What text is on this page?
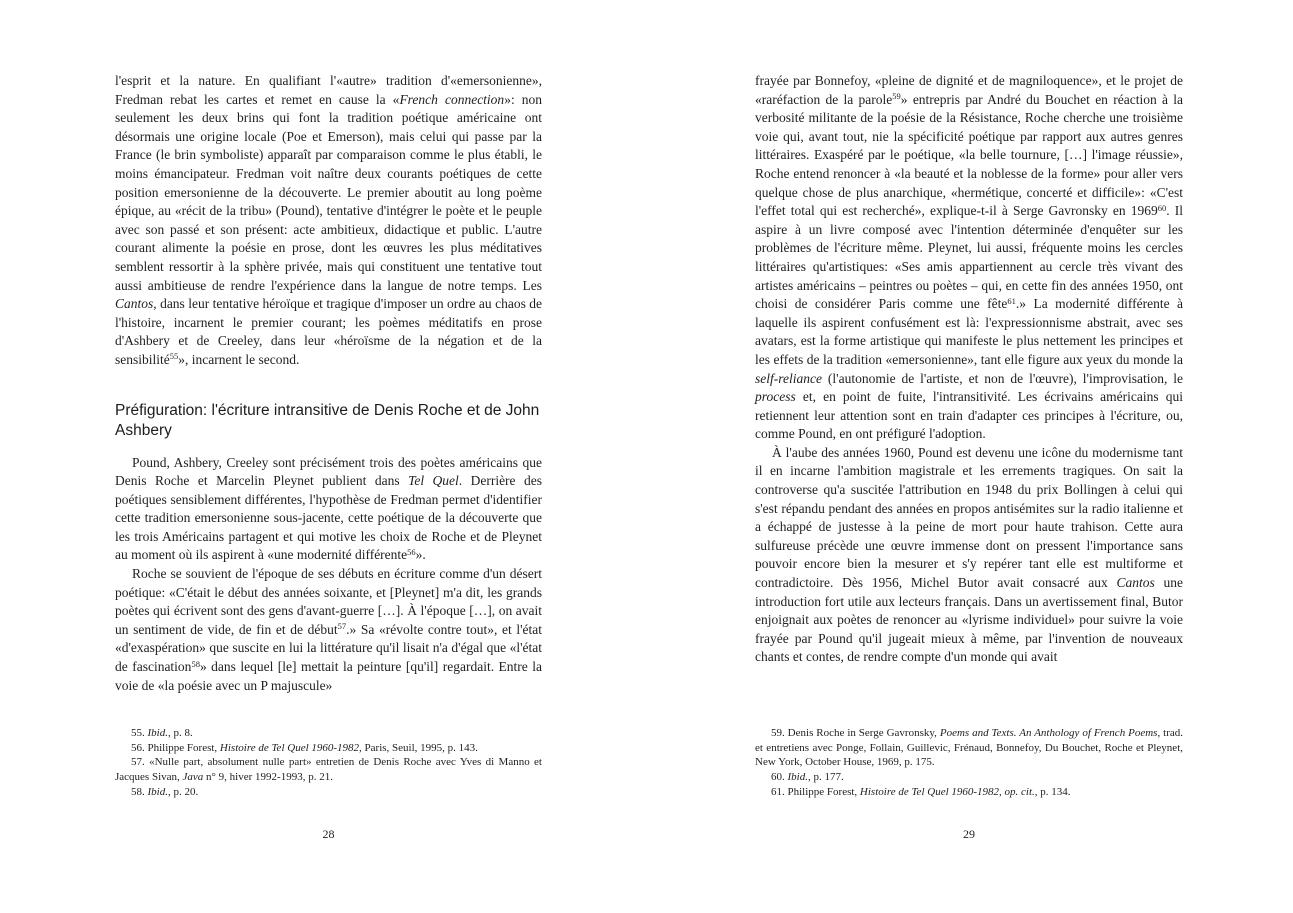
l'esprit et la nature. En qualifiant l'«autre» tradition d'«emersonienne», Fredman rebat les cartes et remet en cause la «French connection»: non seulement les deux brins qui font la tradition poétique américaine ont désormais une origine locale (Poe et Emerson), mais celui qui passe par la France (le brin symboliste) apparaît par comparaison comme le plus établi, le moins émancipateur. Fredman voit naître deux courants poétiques de cette position emersonienne de la découverte. Le premier aboutit au long poème épique, au «récit de la tribu» (Pound), tentative d'intégrer le poète et le peuple avec son passé et son présent: acte ambitieux, didactique et public. L'autre courant alimente la poésie en prose, dont les œuvres les plus méditatives semblent ressortir à la sphère privée, mais qui constituent une tentative tout aussi ambitieuse de rendre l'expérience dans la langue de notre temps. Les Cantos, dans leur tentative héroïque et tragique d'imposer un ordre au chaos de l'histoire, incarnent le premier courant; les poèmes méditatifs en prose d'Ashbery et de Creeley, dans leur «héroïsme de la négation et de la sensibilité$^{55}$», incarnent le second.

Préfiguration: l'écriture intransitive de Denis Roche et de John Ashbery

Pound, Ashbery, Creeley sont précisément trois des poètes américains que Denis Roche et Marcelin Pleynet publient dans Tel Quel. Derrière des poétiques sensiblement différentes, l'hypothèse de Fredman permet d'identifier cette tradition emersonienne sous-jacente, cette poétique de la découverte que les trois Américains partagent et qui motive les choix de Roche et de Pleynet au moment où ils aspirent à «une modernité différente$^{56}$».

Roche se souvient de l'époque de ses débuts en écriture comme d'un désert poétique: «C'était le début des années soixante, et [Pleynet] m'a dit, les grands poètes qui écrivent sont des gens d'avant-guerre […]. À l'époque […], on avait un sentiment de vide, de fin et de début$^{57}$.» Sa «révolte contre tout», et l'état «d'exaspération» que suscite en lui la littérature qu'il lisait n'a d'égal que «l'état de fascination$^{58}$» dans lequel [le] mettait la peinture [qu'il] regardait. Entre la voie de «la poésie avec un P majuscule»

55. Ibid., p. 8.

56. Philippe Forest, Histoire de Tel Quel 1960-1982, Paris, Seuil, 1995, p. 143.

57. «Nulle part, absolument nulle part» entretien de Denis Roche avec Yves di Manno et Jacques Sivan, Java n° 9, hiver 1992-1993, p. 21.

58. Ibid., p. 20.

28

frayée par Bonnefoy, «pleine de dignité et de magniloquence», et le projet de «raréfaction de la parole$^{59}$» entrepris par André du Bouchet en réaction à la verbosité militante de la poésie de la Résistance, Roche cherche une troisième voie qui, avant tout, nie la spécificité poétique par rapport aux autres genres littéraires. Exaspéré par le poétique, «la belle tournure, […] l'image réussie», Roche entend renoncer à «la beauté et la noblesse de la forme» pour aller vers quelque chose de plus anarchique, «hermétique, concerté et difficile»: «C'est l'effet total qui est recherché», explique-t-il à Serge Gavronsky en 1969$^{60}$. Il aspire à un livre composé avec l'intention déterminée d'enquêter sur les problèmes de l'écriture même. Pleynet, lui aussi, fréquente moins les cercles littéraires qu'artistiques: «Ses amis appartiennent au cercle très vivant des artistes américains – peintres ou poètes – qui, en cette fin des années 1950, ont choisi de considérer Paris comme une fête$^{61}$.» La modernité différente à laquelle ils aspirent confusément est là: l'expressionnisme abstrait, avec ses avatars, est la forme artistique qui manifeste le plus nettement les principes et les effets de la tradition «emersonienne», tant elle figure aux yeux du monde la self-reliance (l'autonomie de l'artiste, et non de l'œuvre), l'improvisation, le process et, en point de fuite, l'intransitivité. Les écrivains américains qui retiennent leur attention sont en train d'adapter ces principes à l'écriture, ou, comme Pound, en ont préfiguré l'adoption.

À l'aube des années 1960, Pound est devenu une icône du modernisme tant il en incarne l'ambition magistrale et les errements tragiques. On sait la controverse qu'a suscitée l'attribution en 1948 du prix Bollingen à celui qui s'est répandu pendant des années en propos antisémites sur la radio italienne et a échappé de justesse à la peine de mort pour haute trahison. Cette aura sulfureuse précède une œuvre immense dont on pressent l'importance sans pouvoir encore bien la mesurer et s'y repérer tant elle est multiforme et contradictoire. Dès 1956, Michel Butor avait consacré aux Cantos une introduction fort utile aux lecteurs français. Dans un avertissement final, Butor enjoignait aux poètes de renoncer au «lyrisme individuel» pour suivre la voie frayée par Pound qu'il jugeait mieux à même, par l'invention de nouveaux chants et contes, de rendre compte d'un monde qui avait

59. Denis Roche in Serge Gavronsky, Poems and Texts. An Anthology of French Poems, trad. et entretiens avec Ponge, Follain, Guillevic, Frénaud, Bonnefoy, Du Bouchet, Roche et Pleynet, New York, October House, 1969, p. 175.

60. Ibid., p. 177.

61. Philippe Forest, Histoire de Tel Quel 1960-1982, op. cit., p. 134.

29
